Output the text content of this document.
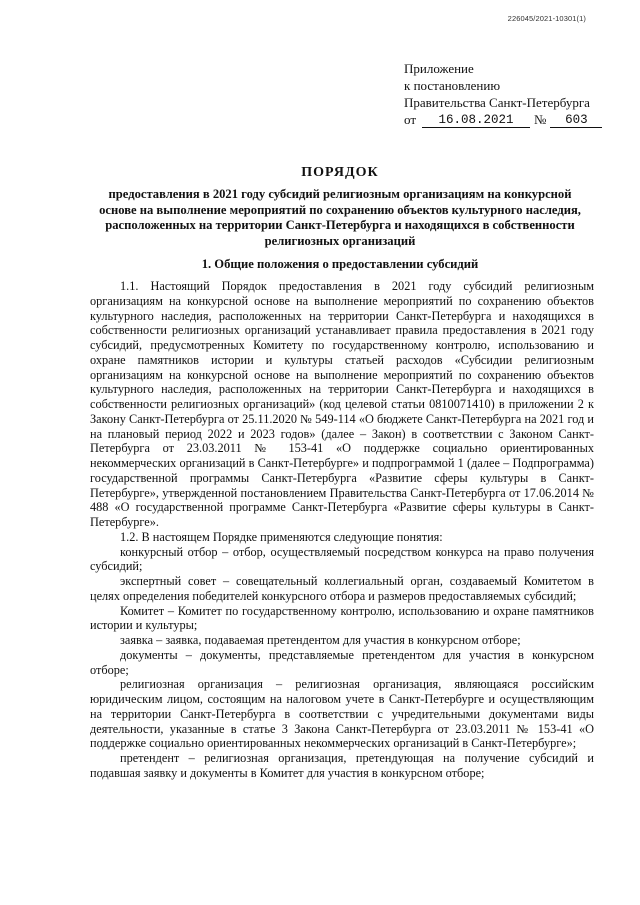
226045/2021-10301(1)
Приложение
к постановлению
Правительства Санкт-Петербурга
от	16.08.2021	№	603
ПОРЯДОК
предоставления в 2021 году субсидий религиозным организациям на конкурсной основе на выполнение мероприятий по сохранению объектов культурного наследия, расположенных на территории Санкт-Петербурга и находящихся в собственности религиозных организаций
1. Общие положения о предоставлении субсидий

1.1. Настоящий Порядок предоставления в 2021 году субсидий религиозным организациям на конкурсной основе на выполнение мероприятий по сохранению объектов культурного наследия, расположенных на территории Санкт-Петербурга и находящихся в собственности религиозных организаций устанавливает правила предоставления в 2021 году субсидий, предусмотренных Комитету по государственному контролю, использованию и охране памятников истории и культуры статьей расходов «Субсидии религиозным организациям на конкурсной основе на выполнение мероприятий по сохранению объектов культурного наследия, расположенных на территории Санкт-Петербурга и находящихся в собственности религиозных организаций» (код целевой статьи 0810071410) в приложении 2 к Закону Санкт-Петербурга от 25.11.2020 № 549-114 «О бюджете Санкт-Петербурга на 2021 год и на плановый период 2022 и 2023 годов» (далее – Закон) в соответствии с Законом Санкт-Петербурга от 23.03.2011 № 153-41 «О поддержке социально ориентированных некоммерческих организаций в Санкт-Петербурге» и подпрограммой 1 (далее – Подпрограмма) государственной программы Санкт-Петербурга «Развитие сферы культуры в Санкт-Петербурге», утвержденной постановлением Правительства Санкт-Петербурга от 17.06.2014 № 488 «О государственной программе Санкт-Петербурга «Развитие сферы культуры в Санкт-Петербурге».

1.2. В настоящем Порядке применяются следующие понятия:

конкурсный отбор – отбор, осуществляемый посредством конкурса на право получения субсидий;

экспертный совет – совещательный коллегиальный орган, создаваемый Комитетом в целях определения победителей конкурсного отбора и размеров предоставляемых субсидий;

Комитет – Комитет по государственному контролю, использованию и охране памятников истории и культуры;

заявка – заявка, подаваемая претендентом для участия в конкурсном отборе;

документы – документы, представляемые претендентом для участия в конкурсном отборе;

религиозная организация – религиозная организация, являющаяся российским юридическим лицом, состоящим на налоговом учете в Санкт-Петербурге и осуществляющим на территории Санкт-Петербурга в соответствии с учредительными документами виды деятельности, указанные в статье 3 Закона Санкт-Петербурга от 23.03.2011 № 153-41 «О поддержке социально ориентированных некоммерческих организаций в Санкт-Петербурге»;

претендент – религиозная организация, претендующая на получение субсидий и подавшая заявку и документы в Комитет для участия в конкурсном отборе;
